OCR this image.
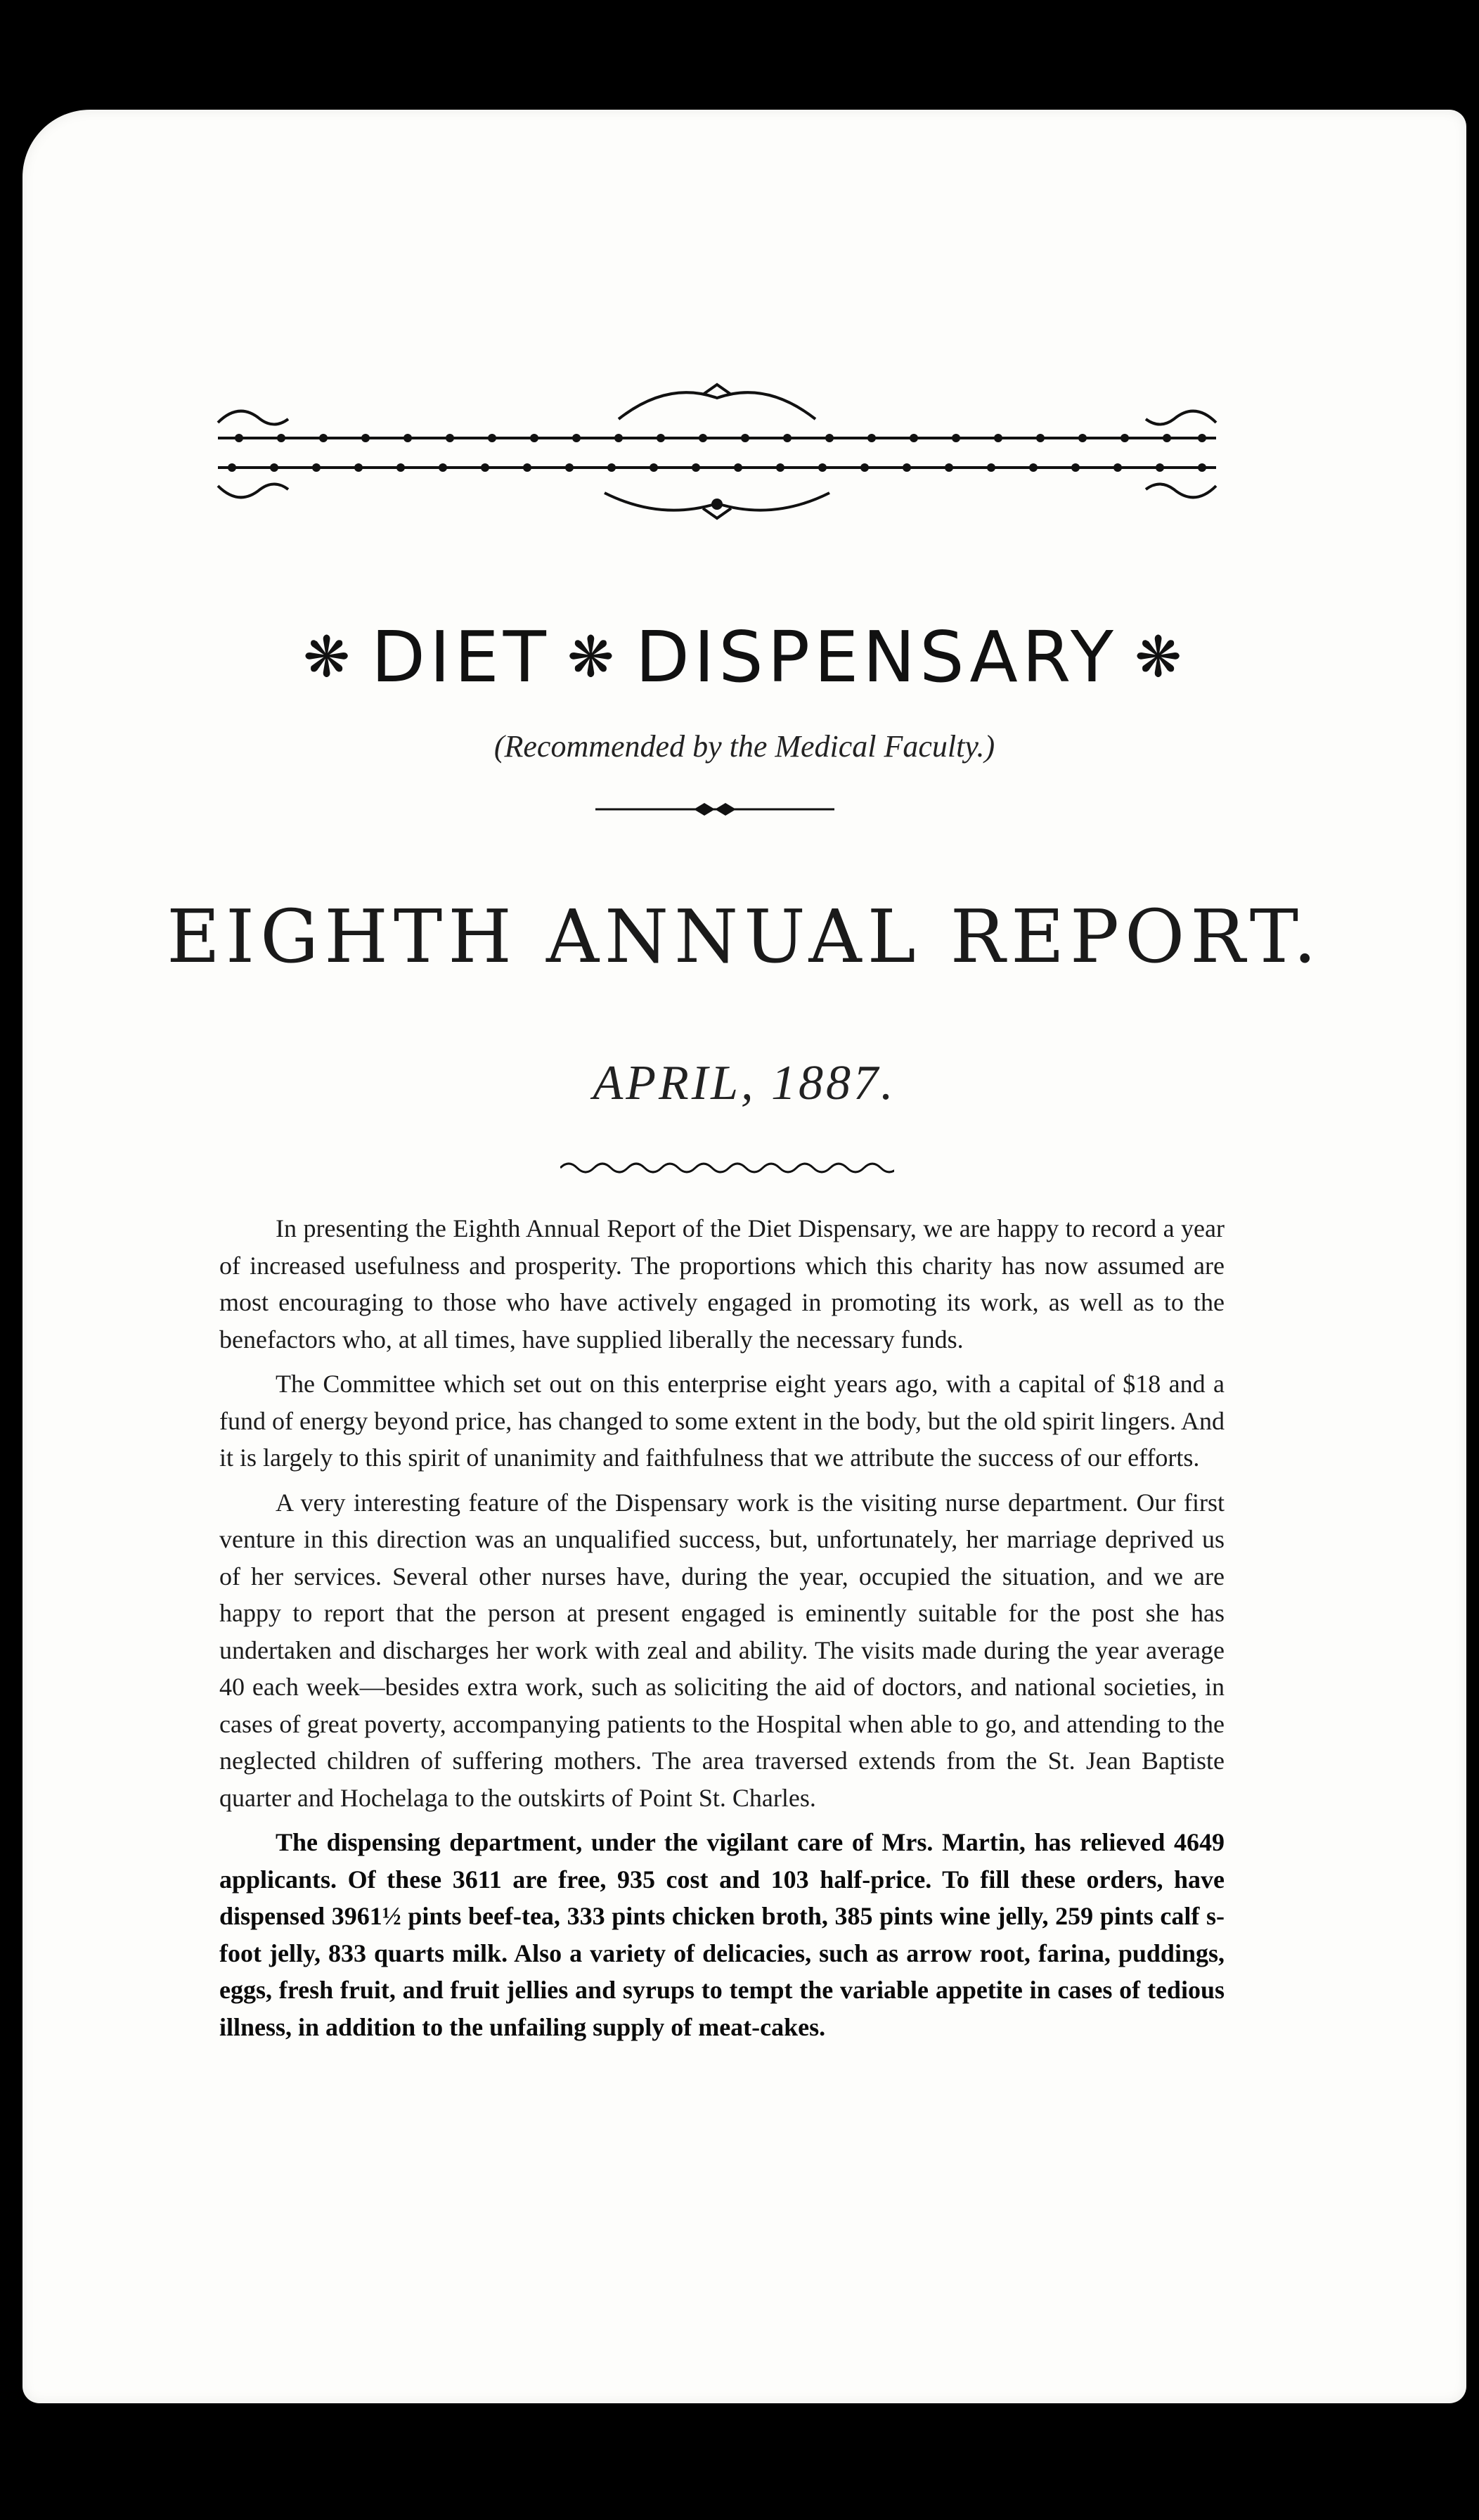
❋ DIET ❋ DISPENSARY ❋
(Recommended by the Medical Faculty.)
EIGHTH ANNUAL REPORT.
APRIL, 1887.

In presenting the Eighth Annual Report of the Diet Dispensary, we are happy to record a year of increased usefulness and prosperity. The proportions which this charity has now assumed are most encouraging to those who have actively engaged in promoting its work, as well as to the benefactors who, at all times, have supplied liberally the necessary funds.

The Committee which set out on this enterprise eight years ago, with a capital of $18 and a fund of energy beyond price, has changed to some extent in the body, but the old spirit lingers. And it is largely to this spirit of unanimity and faithfulness that we attribute the success of our efforts.

A very interesting feature of the Dispensary work is the visiting nurse department. Our first venture in this direction was an unqualified success, but, unfortunately, her marriage deprived us of her services. Several other nurses have, during the year, occupied the situation, and we are happy to report that the person at present engaged is eminently suitable for the post she has undertaken and discharges her work with zeal and ability. The visits made during the year average 40 each week—besides extra work, such as soliciting the aid of doctors, and national societies, in cases of great poverty, accompanying patients to the Hospital when able to go, and attending to the neglected children of suffering mothers. The area traversed extends from the St. Jean Baptiste quarter and Hochelaga to the outskirts of Point St. Charles.

The dispensing department, under the vigilant care of Mrs. Martin, has relieved 4649 applicants. Of these 3611 are free, 935 cost and 103 half-price. To fill these orders, have dispensed 3961½ pints beef-tea, 333 pints chicken broth, 385 pints wine jelly, 259 pints calf s-foot jelly, 833 quarts milk. Also a variety of delicacies, such as arrow root, farina, puddings, eggs, fresh fruit, and fruit jellies and syrups to tempt the variable appetite in cases of tedious illness, in addition to the unfailing supply of meat-cakes.
